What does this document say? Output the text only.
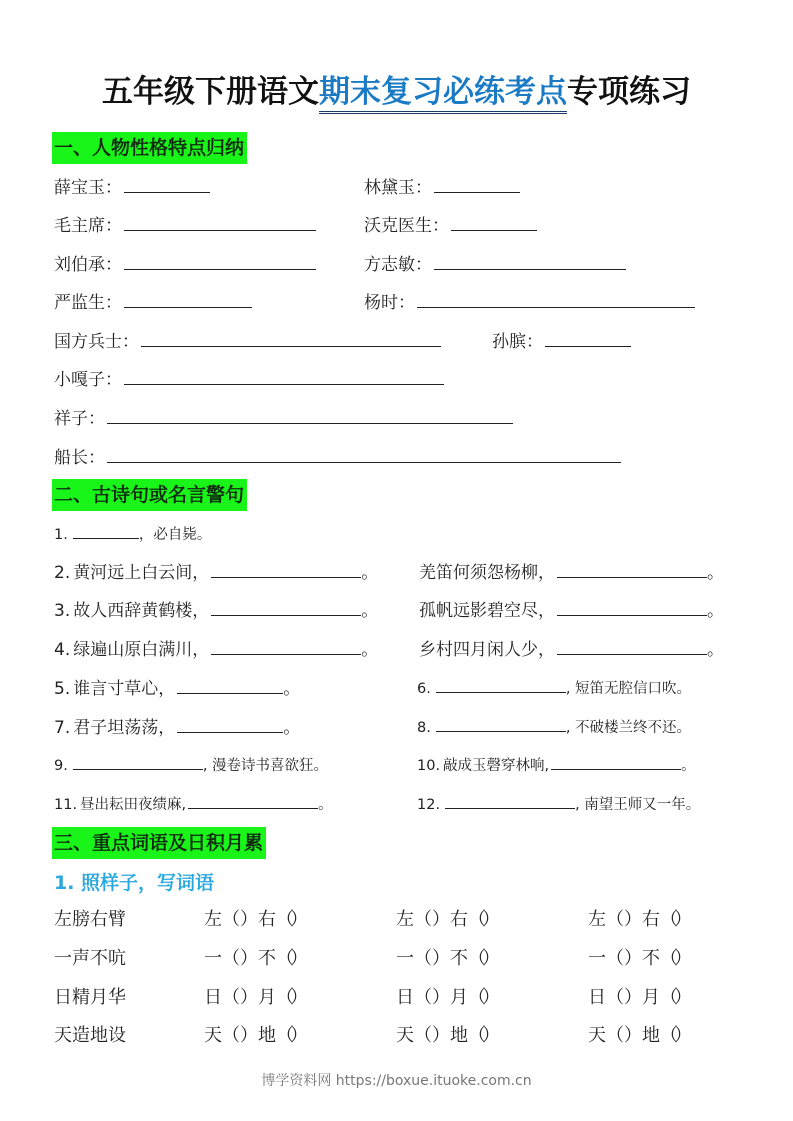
五年级下册语文期末复习必练考点专项练习
一、人物性格特点归纳
薛宝玉：	林黛玉：
毛主席：	沃克医生：
刘伯承：	方志敏：
严监生：	杨时：
国方兵士：	孙膑：
小嘎子：
祥子：
船长：
二、古诗句或名言警句
1.	，必自毙。
2. 黄河远上白云间，	。 羌笛何须怨杨柳，	。
3. 故人西辞黄鹤楼，	。 孤帆远影碧空尽，	。
4. 绿遍山原白满川，	。 乡村四月闲人少，	。
5. 谁言寸草心，	。	6.	, 短笛无腔信口吹。
7. 君子坦荡荡，	。	8.	, 不破楼兰终不还。
9.	, 漫卷诗书喜欲狂。	10. 敲成玉磬穿林响,	。
11. 昼出耘田夜绩麻,	。	12.	, 南望王师又一年。
三、重点词语及日积月累
1. 照样子，写词语
左膀右臂	左（）右（）	左（）右（）	左（）右（）
一声不吭	一（）不（）	一（）不（）	一（）不（）
日精月华	日（）月（）	日（）月（）	日（）月（）
天造地设	天（）地（）	天（）地（）	天（）地（）
博学资料网 https://boxue.ituoke.com.cn
